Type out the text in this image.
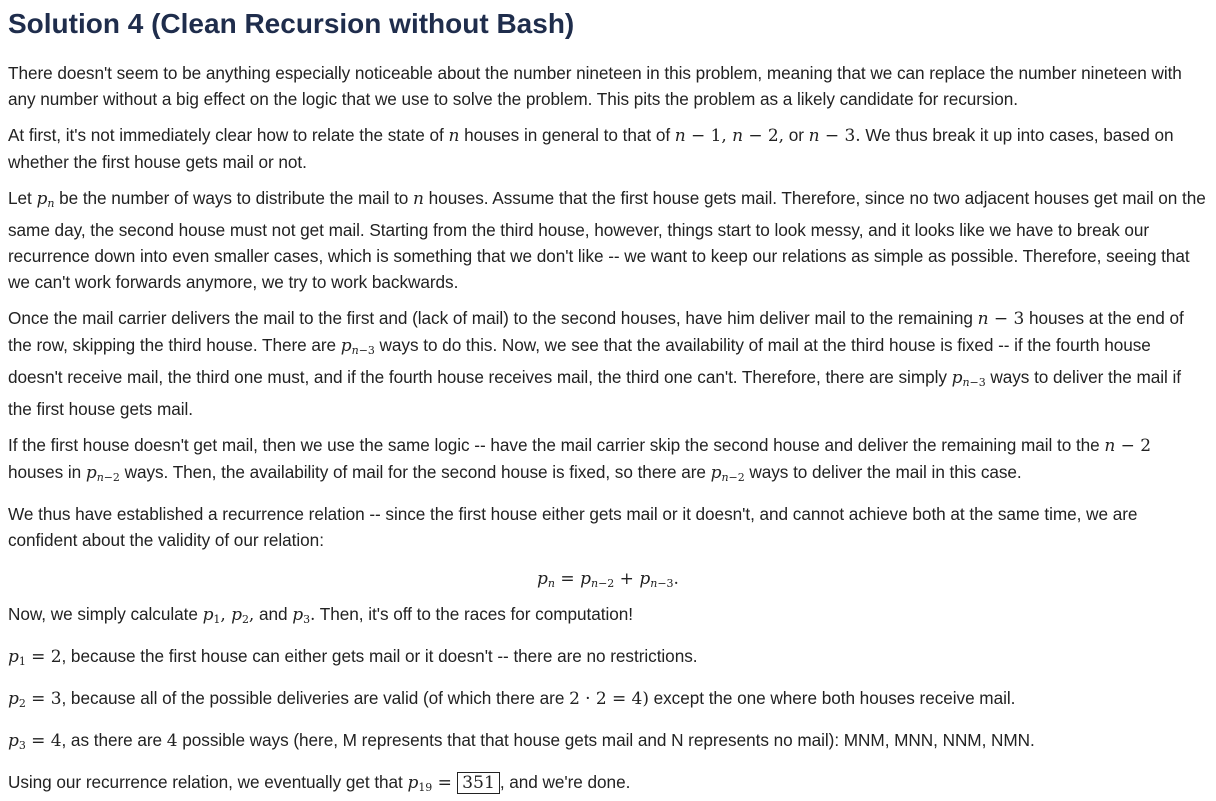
Solution 4 (Clean Recursion without Bash)

There doesn't seem to be anything especially noticeable about the number nineteen in this problem, meaning that we can replace the number nineteen with any number without a big effect on the logic that we use to solve the problem. This pits the problem as a likely candidate for recursion.

At first, it's not immediately clear how to relate the state of n houses in general to that of n − 1, n − 2, or n − 3. We thus break it up into cases, based on whether the first house gets mail or not.

Let $p_n$ be the number of ways to distribute the mail to n houses. Assume that the first house gets mail. Therefore, since no two adjacent houses get mail on the same day, the second house must not get mail. Starting from the third house, however, things start to look messy, and it looks like we have to break our recurrence down into even smaller cases, which is something that we don't like -- we want to keep our relations as simple as possible. Therefore, seeing that we can't work forwards anymore, we try to work backwards.

Once the mail carrier delivers the mail to the first and (lack of mail) to the second houses, have him deliver mail to the remaining n − 3 houses at the end of the row, skipping the third house. There are $p_{n-3}$ ways to do this. Now, we see that the availability of mail at the third house is fixed -- if the fourth house doesn't receive mail, the third one must, and if the fourth house receives mail, the third one can't. Therefore, there are simply $p_{n-3}$ ways to deliver the mail if the first house gets mail.

If the first house doesn't get mail, then we use the same logic -- have the mail carrier skip the second house and deliver the remaining mail to the n − 2 houses in $p_{n-2}$ ways. Then, the availability of mail for the second house is fixed, so there are $p_{n-2}$ ways to deliver the mail in this case.

We thus have established a recurrence relation -- since the first house either gets mail or it doesn't, and cannot achieve both at the same time, we are confident about the validity of our relation:

$p_n = p_{n-2} + p_{n-3}$.

Now, we simply calculate $p_1$, $p_2$, and $p_3$. Then, it's off to the races for computation!

$p_1 = 2$, because the first house can either gets mail or it doesn't -- there are no restrictions.

$p_2 = 3$, because all of the possible deliveries are valid (of which there are 2 · 2 = 4) except the one where both houses receive mail.

$p_3 = 4$, as there are 4 possible ways (here, M represents that that house gets mail and N represents no mail): MNM, MNN, NNM, NMN.

Using our recurrence relation, we eventually get that $p_{19} = 351$ , and we're done.
